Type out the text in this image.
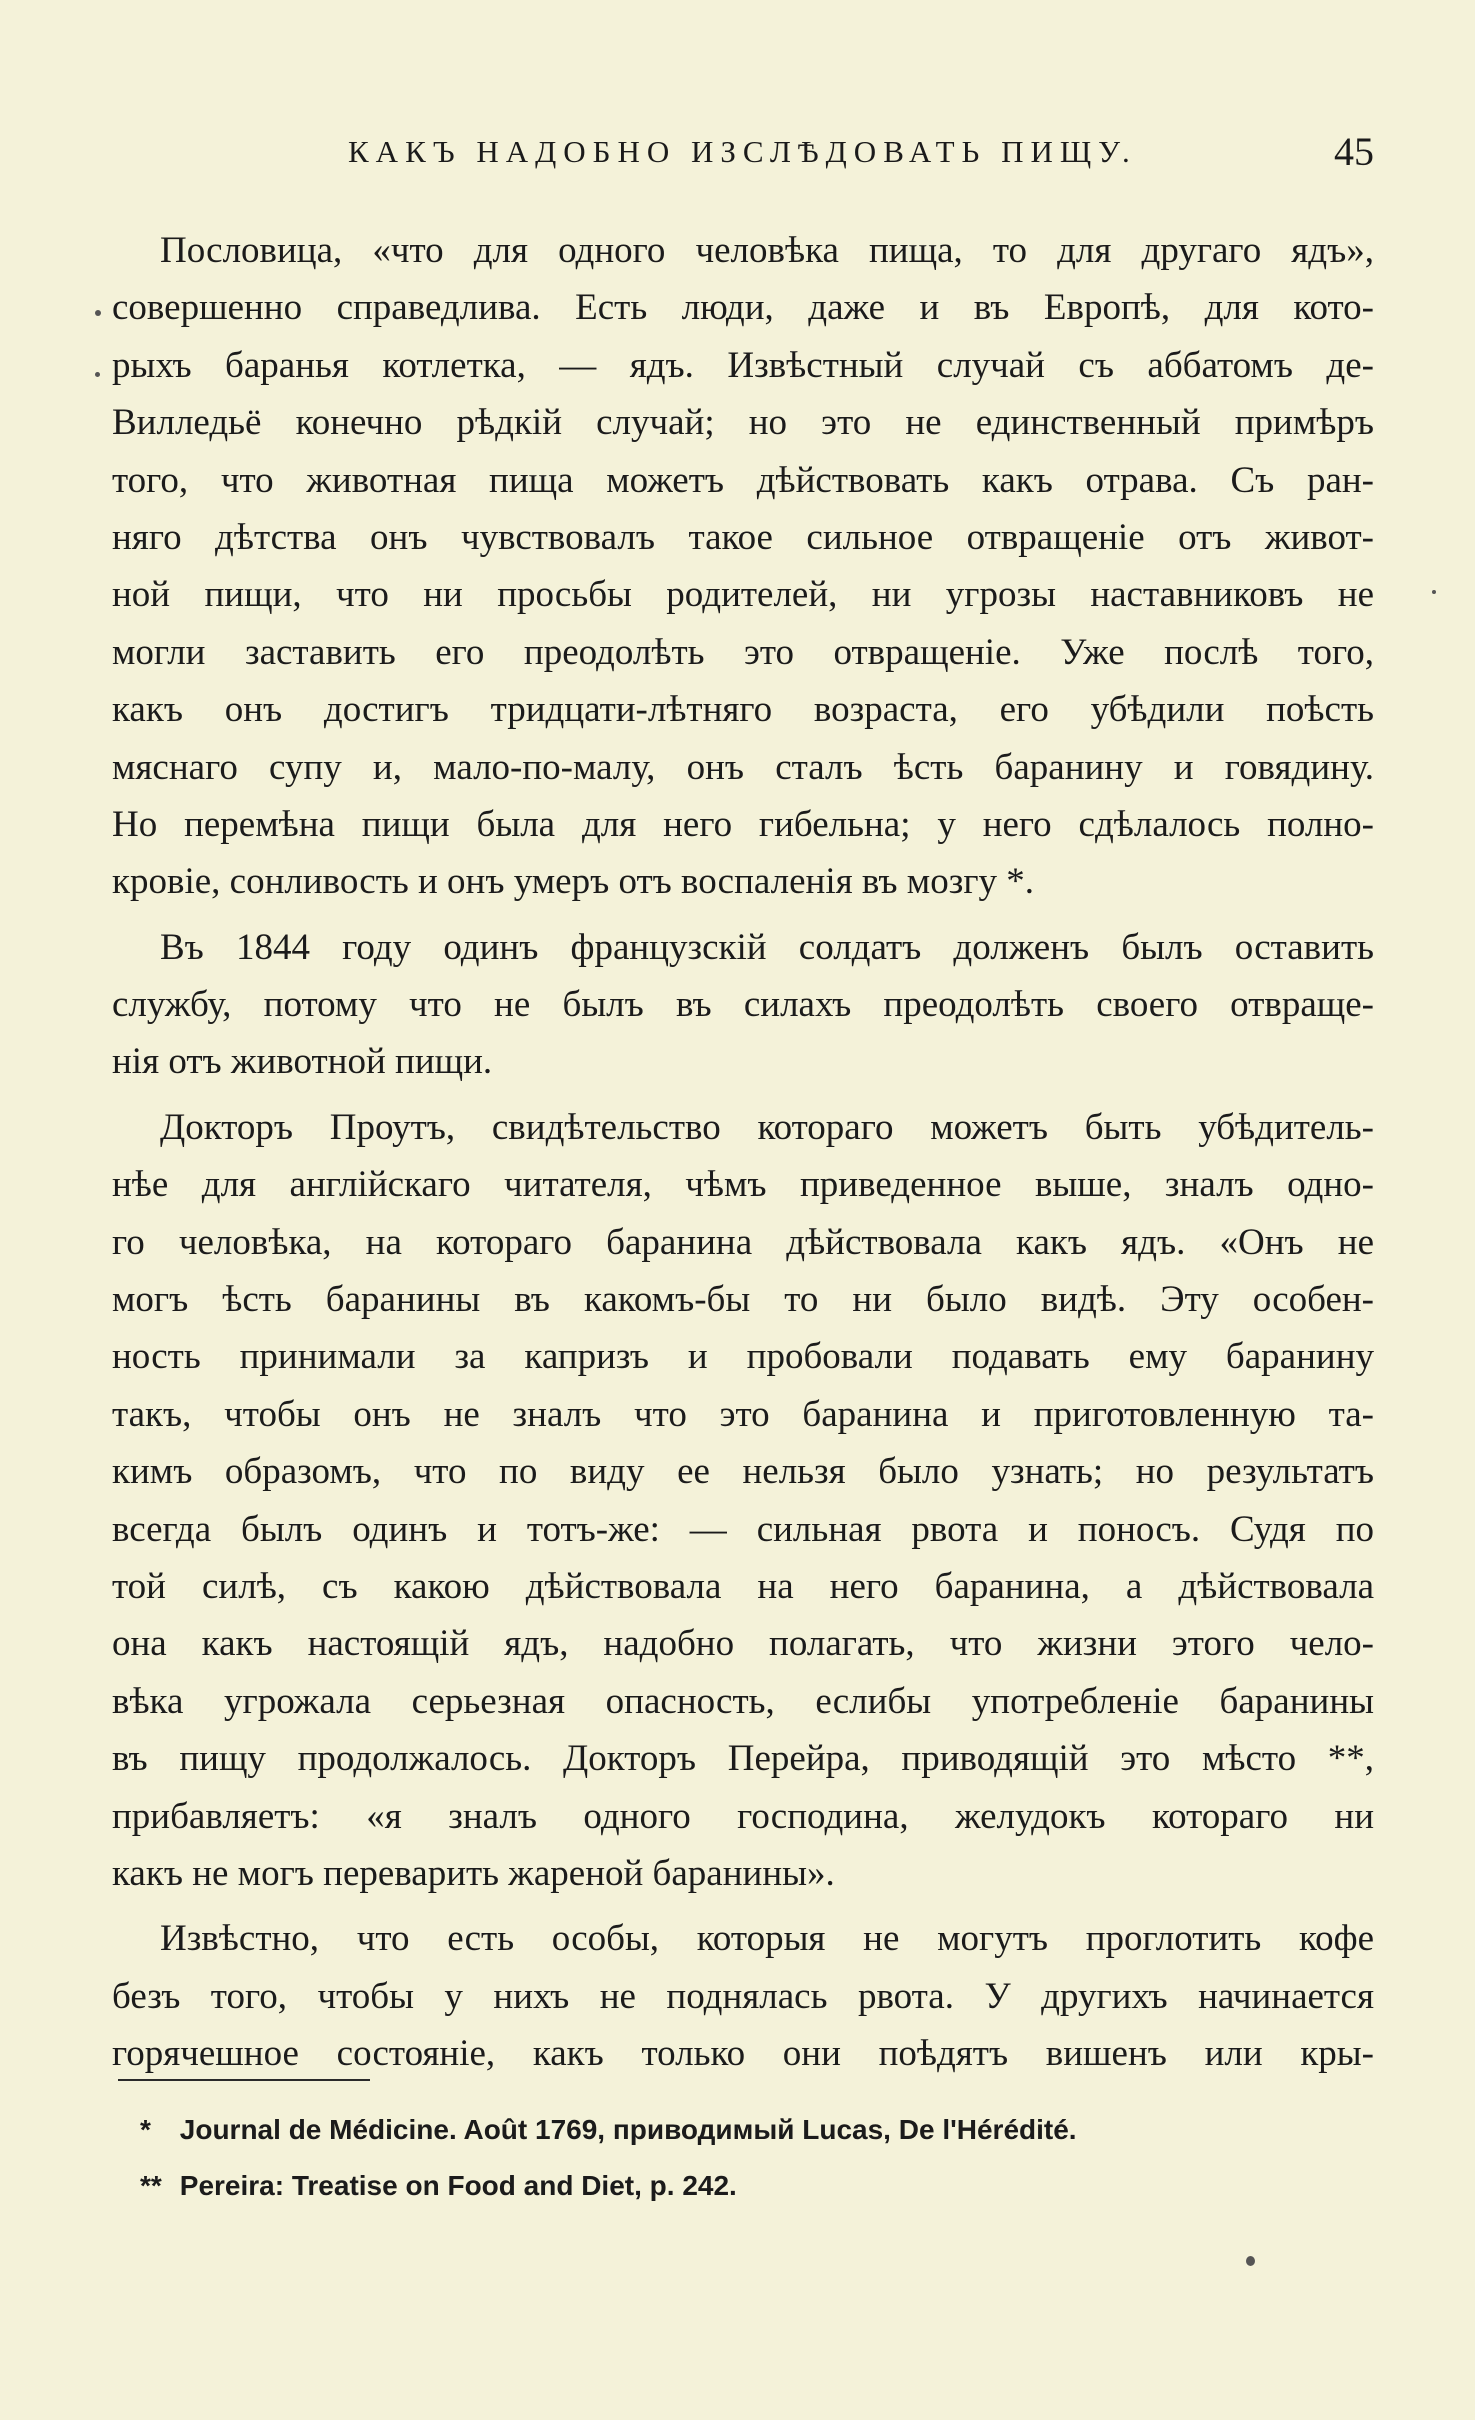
КАКЪ НАДОБНО ИЗСЛѢДОВАТЬ ПИЩУ.	45
Пословица, «что для одного человѣка пища, то для другаго ядъ»,
совершенно справедлива. Есть люди, даже и въ Европѣ, для кото-
рыхъ баранья котлетка, — ядъ. Извѣстный случай съ аббатомъ де-
Вилледьё конечно рѣдкій случай; но это не единственный примѣръ
того, что животная пища можетъ дѣйствовать какъ отрава. Съ ран-
няго дѣтства онъ чувствовалъ такое сильное отвращеніе отъ живот-
ной пищи, что ни просьбы родителей, ни угрозы наставниковъ не
могли заставить его преодолѣть это отвращеніе. Уже послѣ того,
какъ онъ достигъ тридцати-лѣтняго возраста, его убѣдили поѣсть
мяснаго супу и, мало-по-малу, онъ сталъ ѣсть баранину и говядину.
Но перемѣна пищи была для него гибельна; у него сдѣлалось полно-
кровіе, сонливость и онъ умеръ отъ воспаленія въ мозгу *.
Въ 1844 году одинъ французскій солдатъ долженъ былъ оставить
службу, потому что не былъ въ силахъ преодолѣть своего отвраще-
нія отъ животной пищи.
Докторъ Проутъ, свидѣтельство котораго можетъ быть убѣдитель-
нѣе для англійскаго читателя, чѣмъ приведенное выше, зналъ одно-
го человѣка, на котораго баранина дѣйствовала какъ ядъ. «Онъ не
могъ ѣсть баранины въ какомъ-бы то ни было видѣ. Эту особен-
ность принимали за капризъ и пробовали подавать ему баранину
такъ, чтобы онъ не зналъ что это баранина и приготовленную та-
кимъ образомъ, что по виду ее нельзя было узнать; но результатъ
всегда былъ одинъ и тотъ-же: — сильная рвота и поносъ. Судя по
той силѣ, съ какою дѣйствовала на него баранина, а дѣйствовала
она какъ настоящій ядъ, надобно полагать, что жизни этого чело-
вѣка угрожала серьезная опасность, еслибы употребленіе баранины
въ пищу продолжалось. Докторъ Перейра, приводящій это мѣсто **,
прибавляетъ: «я зналъ одного господина, желудокъ котораго ни
какъ не могъ переварить жареной баранины».
Извѣстно, что есть особы, которыя не могутъ проглотить кофе
безъ того, чтобы у нихъ не поднялась рвота. У другихъ начинается
горячешное состояніе, какъ только они поѣдятъ вишенъ или кры-
* Journal de Médicine. Août 1769, приводимый Lucas, De l'Hérédité.
** Pereira: Treatise on Food and Diet, p. 242.
